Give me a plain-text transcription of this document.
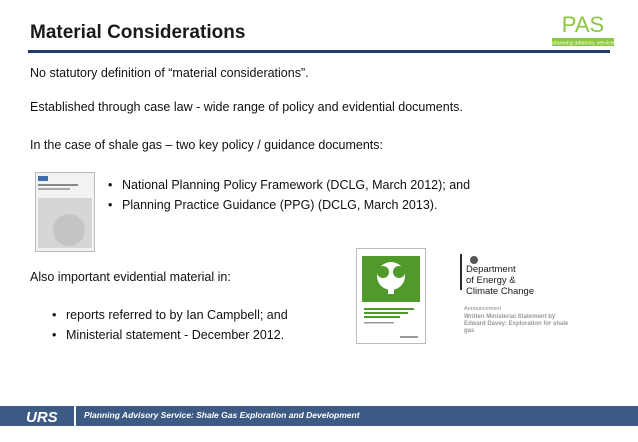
Material Considerations	PAS
planning advisory service
No statutory definition of “material considerations”.
Established through case law - wide range of policy and evidential documents.
In the case of shale gas – two key policy / guidance documents:
• National Planning Policy Framework (DCLG, March 2012); and
• Planning Practice Guidance (PPG) (DCLG, March 2013).
Also important evidential material in:
• reports referred to by Ian Campbell; and
• Ministerial statement - December 2012.
Department
of Energy &
Climate Change
Announcement
Written Ministerial Statement by
Edward Davey: Exploration for shale
gas
URS	Planning Advisory Service: Shale Gas Exploration and Development
